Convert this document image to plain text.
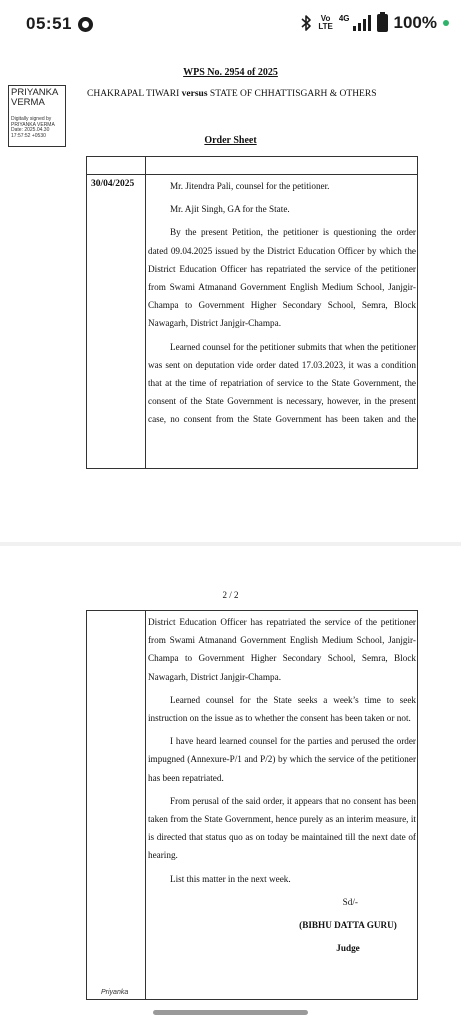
05:51	Vo
LTE
4G	100%
WPS No. 2954 of 2025
PRIYANKA VERMA
Digitally signed by PRIYANKA VERMA Date: 2025.04.30 17:57:52 +0530
CHAKRAPAL TIWARI versus STATE OF CHHATTISGARH & OTHERS
Order Sheet
30/04/2025	Mr. Jitendra Pali, counsel for the petitioner.

Mr. Ajit Singh, GA for the State.

By the present Petition, the petitioner is questioning the order dated 09.04.2025 issued by the District Education Officer by which the District Education Officer has repatriated the service of the petitioner from Swami Atmanand Government English Medium School, Janjgir-Champa to Government Higher Secondary School, Semra, Block Nawagarh, District Janjgir-Champa.

Learned counsel for the petitioner submits that when the petitioner was sent on deputation vide order dated 17.03.2023, it was a condition that at the time of repatriation of service to the State Government, the consent of the State Government is necessary, however, in the present case, no consent from the State Government has been taken and the

2 / 2

District Education Officer has repatriated the service of the petitioner from Swami Atmanand Government English Medium School, Janjgir-Champa to Government Higher Secondary School, Semra, Block Nawagarh, District Janjgir-Champa.

Learned counsel for the State seeks a week’s time to seek instruction on the issue as to whether the consent has been taken or not.

I have heard learned counsel for the parties and perused the order impugned (Annexure-P/1 and P/2) by which the service of the petitioner has been repatriated.

From perusal of the said order, it appears that no consent has been taken from the State Government, hence purely as an interim measure, it is directed that status quo as on today be maintained till the next date of hearing.

List this matter in the next week.

Sd/-

(BIBHU DATTA GURU)

Judge

Priyanka
